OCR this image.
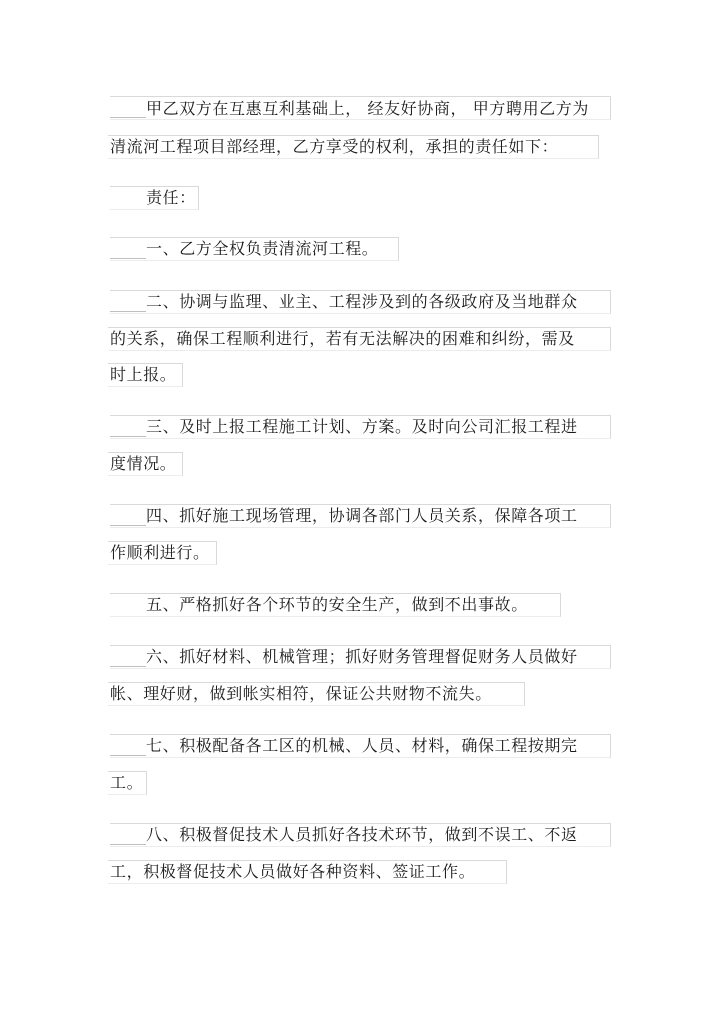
甲乙双方在互惠互利基础上， 经友好协商， 甲方聘用乙方为
清流河工程项目部经理，乙方享受的权利，承担的责任如下：
责任：
一、乙方全权负责清流河工程。
二、协调与监理、业主、工程涉及到的各级政府及当地群众
的关系，确保工程顺利进行，若有无法解决的困难和纠纷，需及
时上报。
三、及时上报工程施工计划、方案。及时向公司汇报工程进
度情况。
四、抓好施工现场管理，协调各部门人员关系，保障各项工
作顺利进行。
五、严格抓好各个环节的安全生产，做到不出事故。
六、抓好材料、机械管理；抓好财务管理督促财务人员做好
帐、理好财，做到帐实相符，保证公共财物不流失。
七、积极配备各工区的机械、人员、材料，确保工程按期完
工。
八、积极督促技术人员抓好各技术环节，做到不误工、不返
工，积极督促技术人员做好各种资料、签证工作。
